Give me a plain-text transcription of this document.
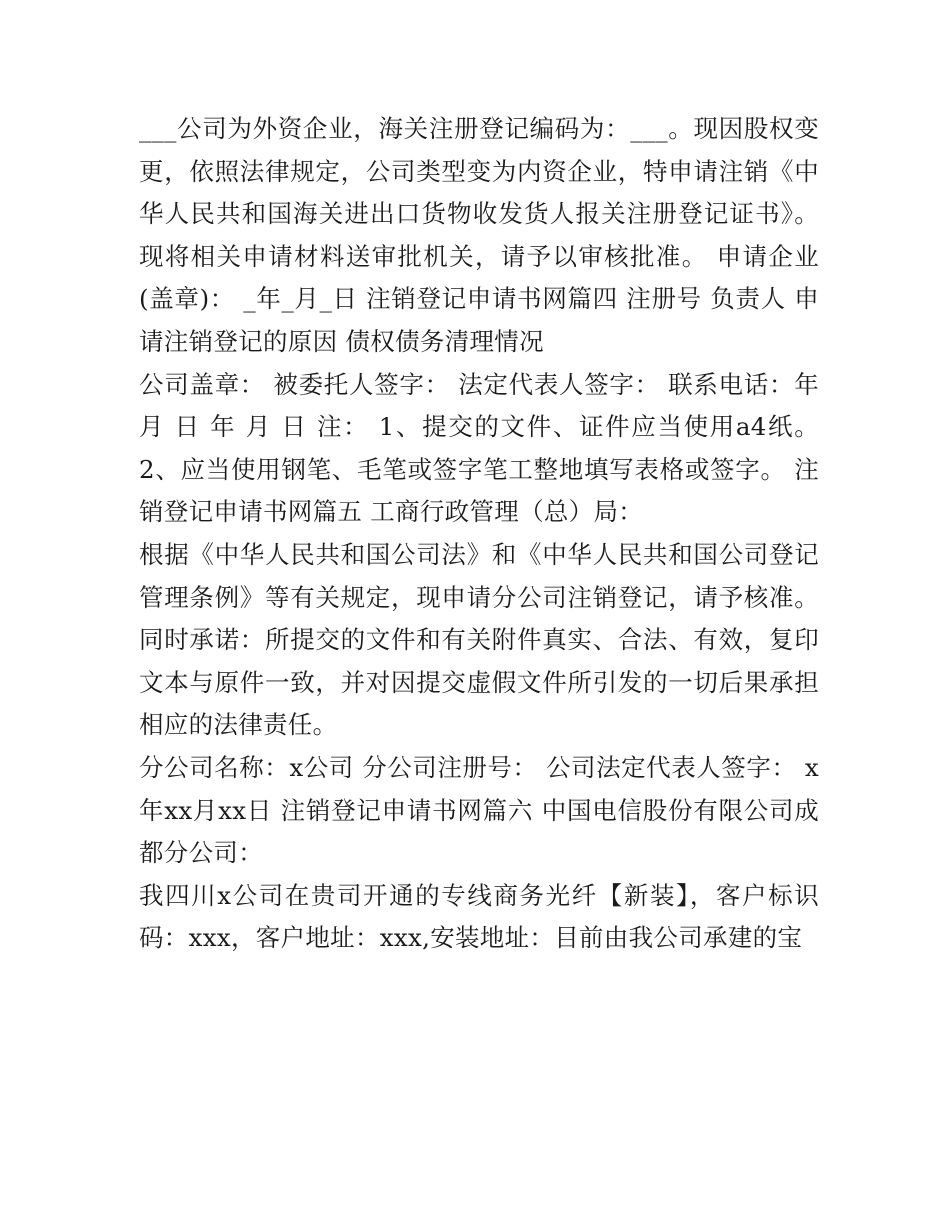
___公司为外资企业，海关注册登记编码为：___。现因股权变更，依照法律规定，公司类型变为内资企业，特申请注销《中华人民共和国海关进出口货物收发货人报关注册登记证书》。现将相关申请材料送审批机关，请予以审核批准。 申请企业(盖章)： _年_月_日 注销登记申请书网篇四 注册号 负责人 申请注销登记的原因 债权债务清理情况

公司盖章： 被委托人签字： 法定代表人签字： 联系电话：年 月 日 年 月 日 注： 1、提交的文件、证件应当使用a4纸。2、应当使用钢笔、毛笔或签字笔工整地填写表格或签字。 注销登记申请书网篇五 工商行政管理（总）局：

根据《中华人民共和国公司法》和《中华人民共和国公司登记管理条例》等有关规定，现申请分公司注销登记，请予核准。同时承诺：所提交的文件和有关附件真实、合法、有效，复印文本与原件一致，并对因提交虚假文件所引发的一切后果承担相应的法律责任。

分公司名称：x公司 分公司注册号： 公司法定代表人签字： x年xx月xx日 注销登记申请书网篇六 中国电信股份有限公司成都分公司：

我四川x公司在贵司开通的专线商务光纤【新装】，客户标识码：xxx，客户地址：xxx,安装地址：目前由我公司承建的宝
